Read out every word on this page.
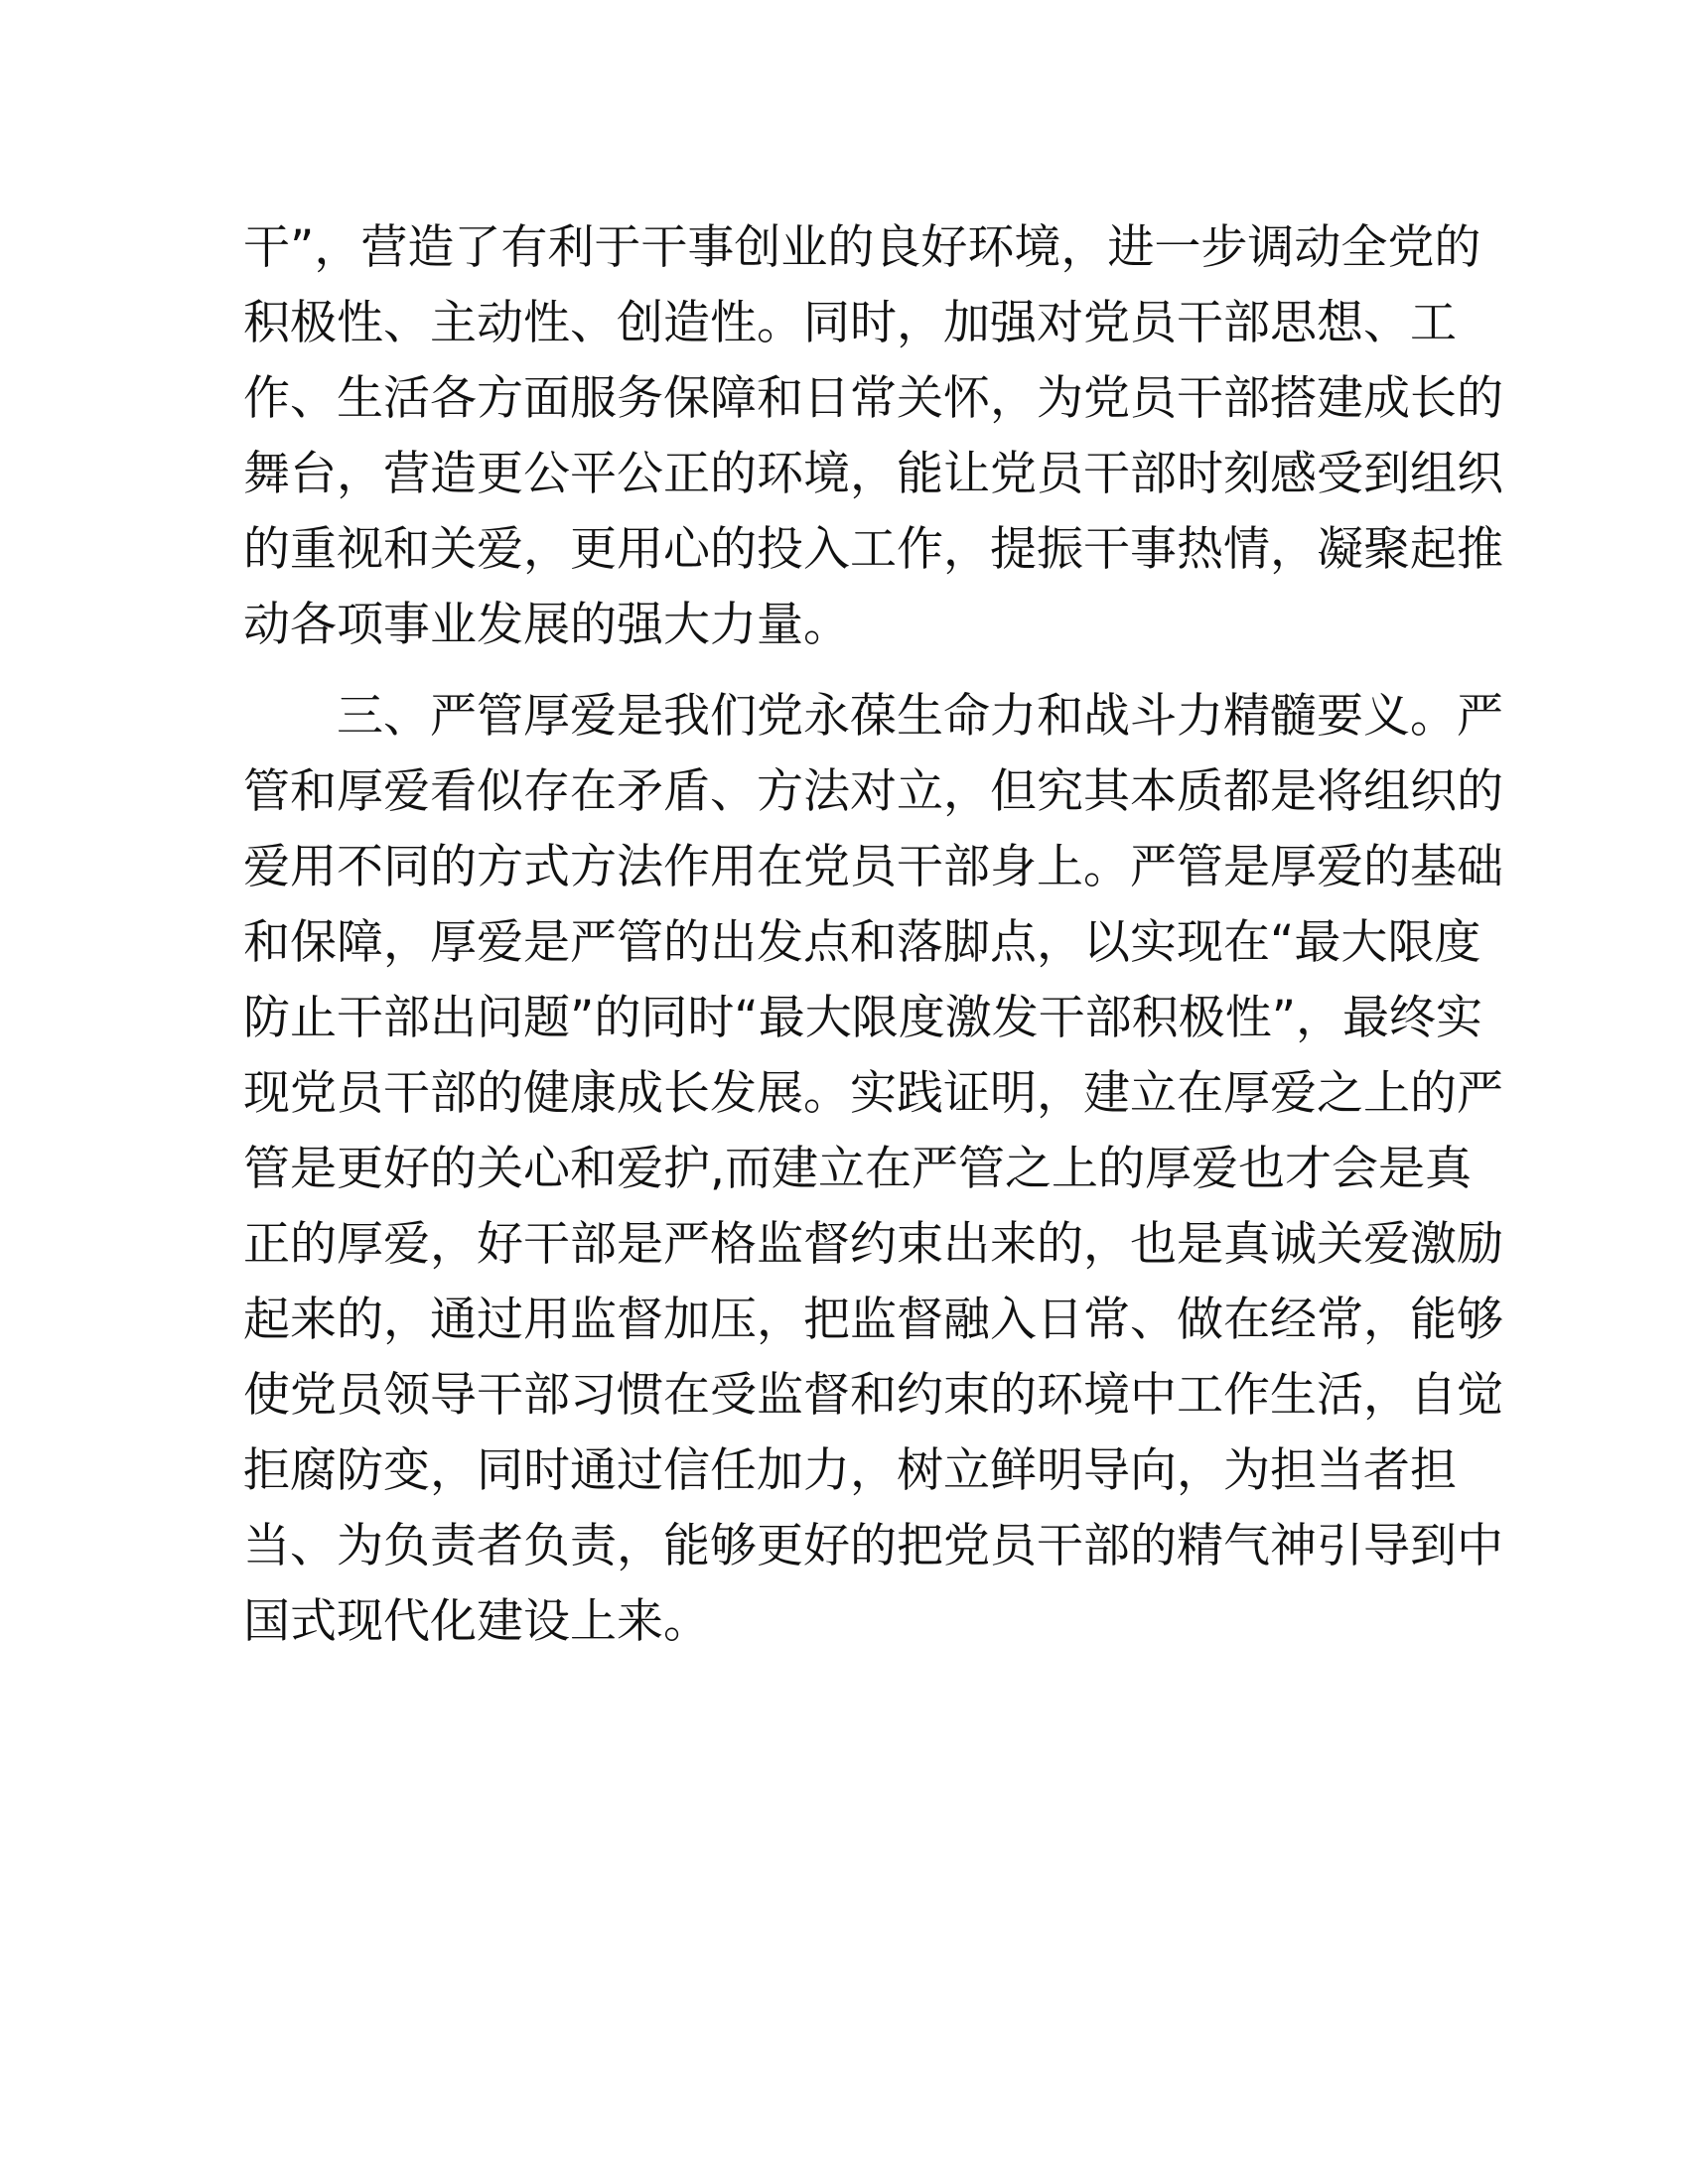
干”，营造了有利于干事创业的良好环境，进一步调动全党的
积极性、主动性、创造性。同时，加强对党员干部思想、工
作、生活各方面服务保障和日常关怀，为党员干部搭建成长的
舞台，营造更公平公正的环境，能让党员干部时刻感受到组织
的重视和关爱，更用心的投入工作，提振干事热情，凝聚起推
动各项事业发展的强大力量。
　　三、严管厚爱是我们党永葆生命力和战斗力精髓要义。严
管和厚爱看似存在矛盾、方法对立，但究其本质都是将组织的
爱用不同的方式方法作用在党员干部身上。严管是厚爱的基础
和保障，厚爱是严管的出发点和落脚点，以实现在“最大限度
防止干部出问题”的同时“最大限度激发干部积极性”，最终实
现党员干部的健康成长发展。实践证明，建立在厚爱之上的严
管是更好的关心和爱护,而建立在严管之上的厚爱也才会是真
正的厚爱，好干部是严格监督约束出来的，也是真诚关爱激励
起来的，通过用监督加压，把监督融入日常、做在经常，能够
使党员领导干部习惯在受监督和约束的环境中工作生活，自觉
拒腐防变，同时通过信任加力，树立鲜明导向，为担当者担
当、为负责者负责，能够更好的把党员干部的精气神引导到中
国式现代化建设上来。
